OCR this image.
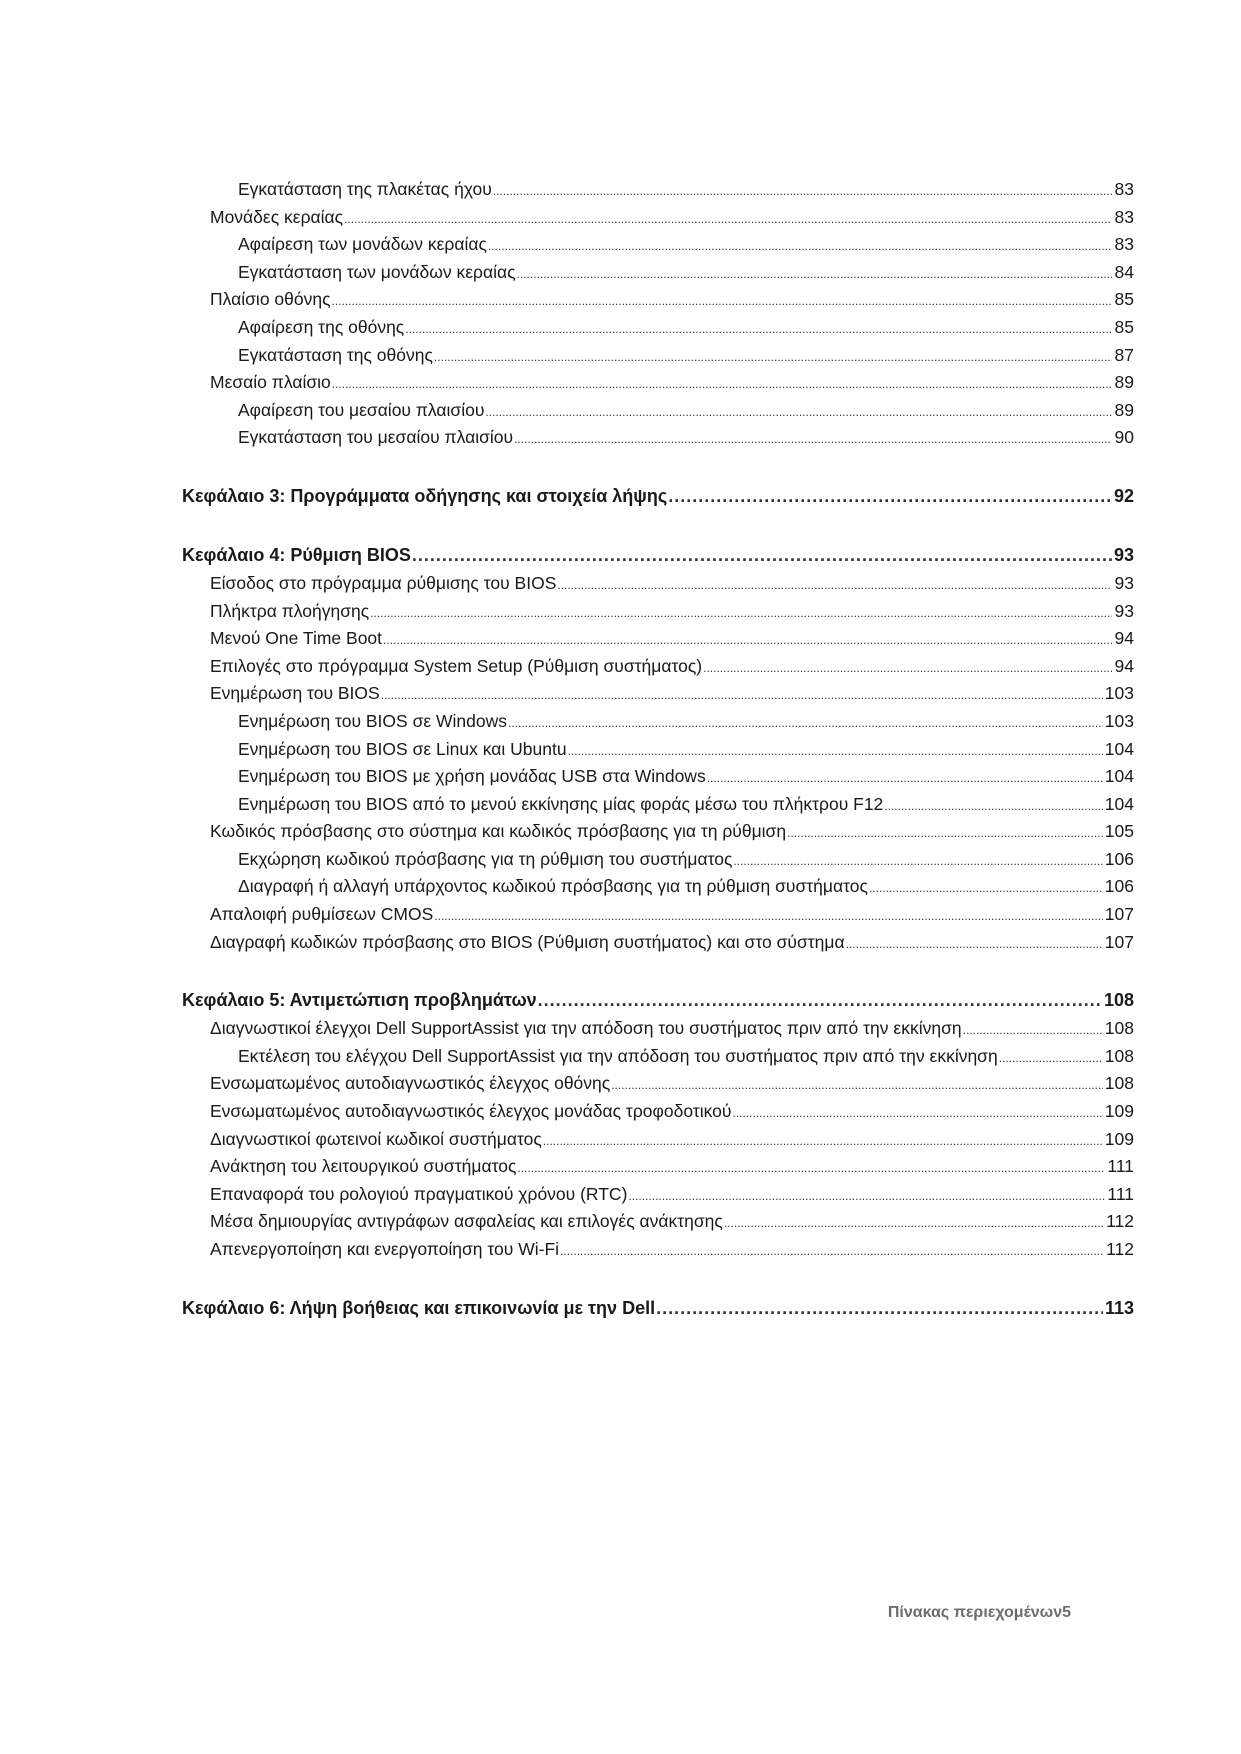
Εγκατάσταση της πλακέτας ήχου .....	83
Μονάδες κεραίας .....	83
Αφαίρεση των μονάδων κεραίας .....	83
Εγκατάσταση των μονάδων κεραίας .....	84
Πλαίσιο οθόνης .....	85
Αφαίρεση της οθόνης .....	85
Εγκατάσταση της οθόνης .....	87
Μεσαίο πλαίσιο .....	89
Αφαίρεση του μεσαίου πλαισίου .....	89
Εγκατάσταση του μεσαίου πλαισίου .....	90
Κεφάλαιο 3: Προγράμματα οδήγησης και στοιχεία λήψης .....	92
Κεφάλαιο 4: Ρύθμιση BIOS .....	93
Είσοδος στο πρόγραμμα ρύθμισης του BIOS .....	93
Πλήκτρα πλοήγησης .....	93
Μενού One Time Boot .....	94
Επιλογές στο πρόγραμμα System Setup (Ρύθμιση συστήματος) .....	94
Ενημέρωση του BIOS .....	103
Ενημέρωση του BIOS σε Windows .....	103
Ενημέρωση του BIOS σε Linux και Ubuntu .....	104
Ενημέρωση του BIOS με χρήση μονάδας USB στα Windows .....	104
Ενημέρωση του BIOS από το μενού εκκίνησης μίας φοράς μέσω του πλήκτρου F12 .....	104
Κωδικός πρόσβασης στο σύστημα και κωδικός πρόσβασης για τη ρύθμιση .....	105
Εκχώρηση κωδικού πρόσβασης για τη ρύθμιση του συστήματος .....	106
Διαγραφή ή αλλαγή υπάρχοντος κωδικού πρόσβασης για τη ρύθμιση συστήματος .....	106
Απαλοιφή ρυθμίσεων CMOS .....	107
Διαγραφή κωδικών πρόσβασης στο BIOS (Ρύθμιση συστήματος) και στο σύστημα .....	107
Κεφάλαιο 5: Αντιμετώπιση προβλημάτων .....	108
Διαγνωστικοί έλεγχοι Dell SupportAssist για την απόδοση του συστήματος πριν από την εκκίνηση .....	108
Εκτέλεση του ελέγχου Dell SupportAssist για την απόδοση του συστήματος πριν από την εκκίνηση .....	108
Ενσωματωμένος αυτοδιαγνωστικός έλεγχος οθόνης .....	108
Ενσωματωμένος αυτοδιαγνωστικός έλεγχος μονάδας τροφοδοτικού .....	109
Διαγνωστικοί φωτεινοί κωδικοί συστήματος .....	109
Ανάκτηση του λειτουργικού συστήματος .....	111
Επαναφορά του ρολογιού πραγματικού χρόνου (RTC) .....	111
Μέσα δημιουργίας αντιγράφων ασφαλείας και επιλογές ανάκτησης .....	112
Απενεργοποίηση και ενεργοποίηση του Wi-Fi .....	112
Κεφάλαιο 6: Λήψη βοήθειας και επικοινωνία με την Dell .....	113
Πίνακας περιεχομένων5
